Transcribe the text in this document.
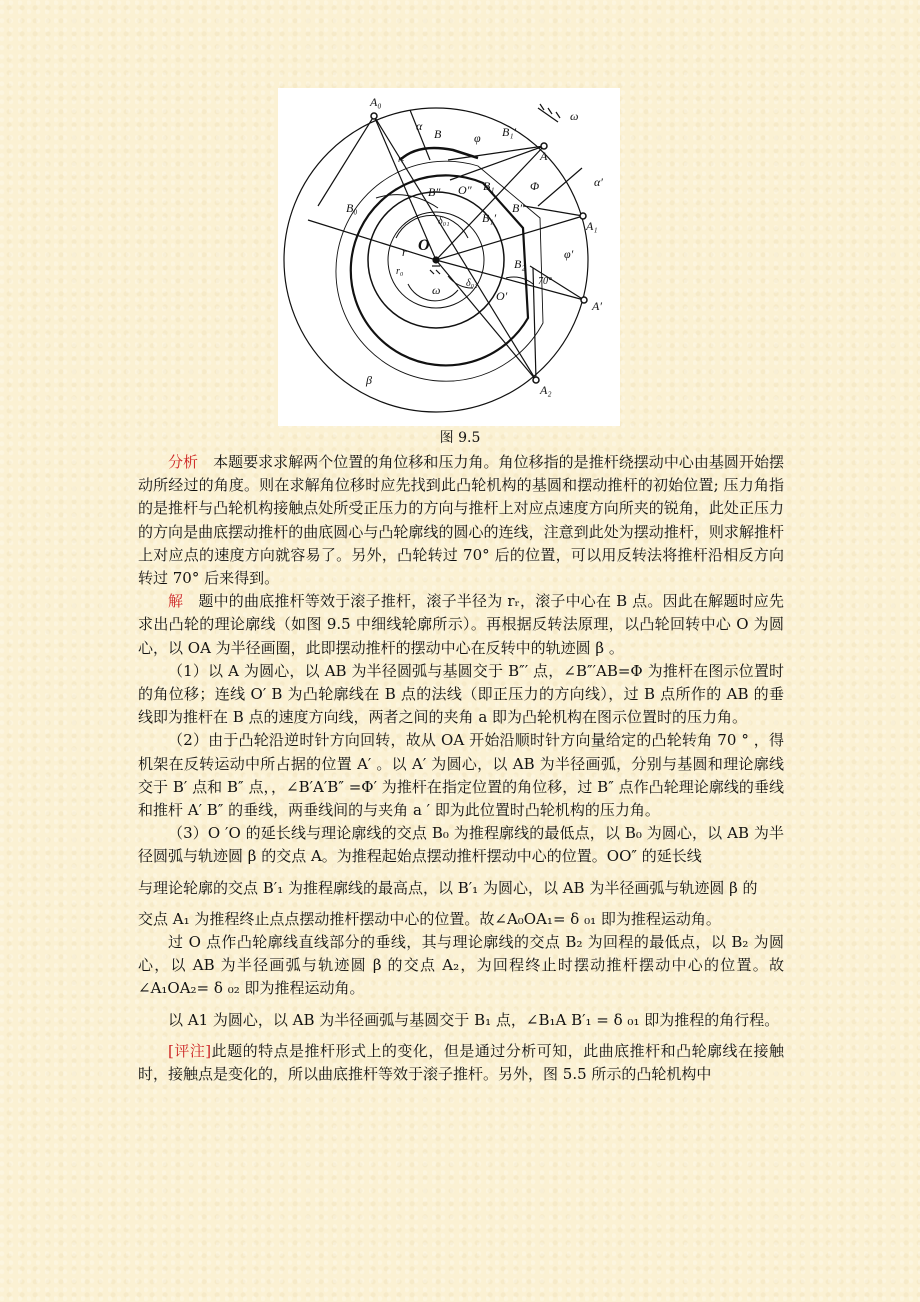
A₀
A
A₁
A₂
A′
B	B₁′
B″	B₁
B″
B₀
B₁′
B₂
O
O″
O′
α
α′
φ
Φ
φ′
ω
ω
δ₀₁
δ₀₂
r
r₀
rᵣ
70°
β
图 9.5

分析　本题要求求解两个位置的角位移和压力角。角位移指的是推杆绕摆动中心由基圆开始摆动所经过的角度。则在求解角位移时应先找到此凸轮机构的基圆和摆动推杆的初始位置; 压力角指的是推杆与凸轮机构接触点处所受正压力的方向与推杆上对应点速度方向所夹的锐角，此处正压力的方向是曲底摆动推杆的曲底圆心与凸轮廓线的圆心的连线，注意到此处为摆动推杆，则求解推杆上对应点的速度方向就容易了。另外，凸轮转过 70° 后的位置，可以用反转法将推杆沿相反方向转过 70° 后来得到。

解　题中的曲底推杆等效于滚子推杆，滚子半径为 rᵣ，滚子中心在 B 点。因此在解题时应先求出凸轮的理论廓线（如图 9.5 中细线轮廓所示）。再根据反转法原理，以凸轮回转中心 O 为圆心，以 OA 为半径画圈，此即摆动推杆的摆动中心在反转中的轨迹圆 β 。

（1）以 A 为圆心，以 AB 为半径圆弧与基圆交于 B″′ 点，∠B″′AB=Φ 为推杆在图示位置时的角位移；连线 O′ B 为凸轮廓线在 B 点的法线（即正压力的方向线），过 B 点所作的 AB 的垂线即为推杆在 B 点的速度方向线，两者之间的夹角 a 即为凸轮机构在图示位置时的压力角。

（2）由于凸轮沿逆时针方向回转，故从 OA 开始沿顺时针方向量给定的凸轮转角 70 ° ，得机架在反转运动中所占据的位置 A′ 。以 A′ 为圆心，以 AB 为半径画弧，分别与基圆和理论廓线交于 B′ 点和 B″ 点，，∠B′A′B″ =Φ′ 为推杆在指定位置的角位移，过 B″ 点作凸轮理论廓线的垂线和推杆 A′ B″ 的垂线，两垂线间的与夹角 a ′ 即为此位置时凸轮机构的压力角。

（3）O ′O 的延长线与理论廓线的交点 B₀ 为推程廓线的最低点，以 B₀ 为圆心，以 AB 为半径圆弧与轨迹圆 β 的交点 A。为推程起始点摆动推杆摆动中心的位置。OO″ 的延长线

与理论轮廓的交点 B′₁ 为推程廓线的最高点，以 B′₁ 为圆心，以 AB 为半径画弧与轨迹圆 β 的

交点 A₁ 为推程终止点点摆动推杆摆动中心的位置。故∠A₀OA₁= δ ₀₁ 即为推程运动角。

过 O 点作凸轮廓线直线部分的垂线，其与理论廓线的交点 B₂ 为回程的最低点，以 B₂ 为圆心，以 AB 为半径画弧与轨迹圆 β 的交点 A₂，为回程终止时摆动推杆摆动中心的位置。故∠A₁OA₂= δ ₀₂ 即为推程运动角。

以 A1 为圆心，以 AB 为半径画弧与基圆交于 B₁ 点，∠B₁A B′₁ = δ ₀₁ 即为推程的角行程。

[评注]此题的特点是推杆形式上的变化，但是通过分析可知，此曲底推杆和凸轮廓线在接触时，接触点是变化的，所以曲底推杆等效于滚子推杆。另外，图 5.5 所示的凸轮机构中
